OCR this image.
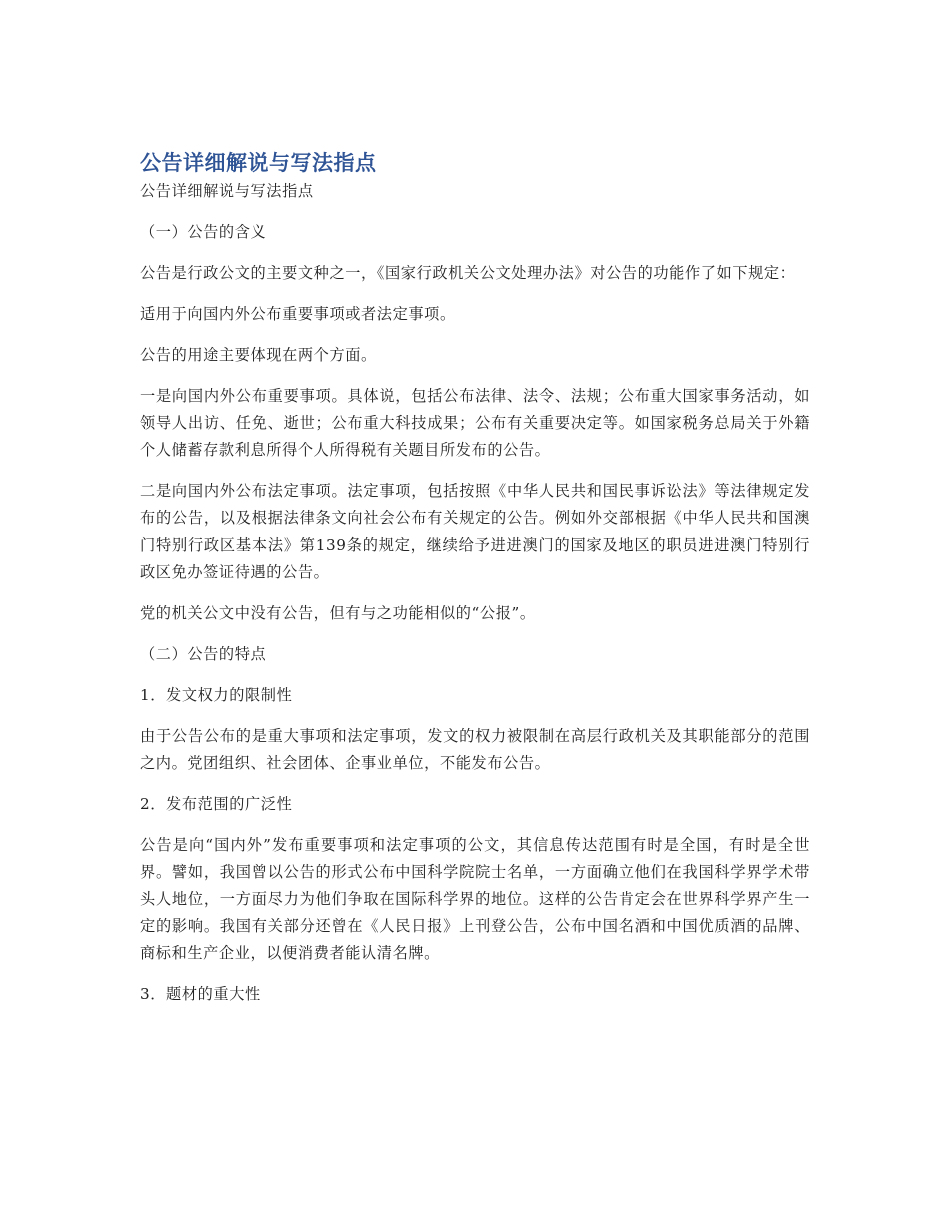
公告详细解说与写法指点

公告详细解说与写法指点

（一）公告的含义

公告是行政公文的主要文种之一，《国家行政机关公文处理办法》对公告的功能作了如下规定：

适用于向国内外公布重要事项或者法定事项。

公告的用途主要体现在两个方面。

一是向国内外公布重要事项。具体说，包括公布法律、法令、法规；公布重大国家事务活动，如领导人出访、任免、逝世；公布重大科技成果；公布有关重要决定等。如国家税务总局关于外籍个人储蓄存款利息所得个人所得税有关题目所发布的公告。

二是向国内外公布法定事项。法定事项，包括按照《中华人民共和国民事诉讼法》等法律规定发布的公告，以及根据法律条文向社会公布有关规定的公告。例如外交部根据《中华人民共和国澳门特别行政区基本法》第139条的规定，继续给予进进澳门的国家及地区的职员进进澳门特别行政区免办签证待遇的公告。

党的机关公文中没有公告，但有与之功能相似的“公报”。

（二）公告的特点

1．发文权力的限制性

由于公告公布的是重大事项和法定事项，发文的权力被限制在高层行政机关及其职能部分的范围之内。党团组织、社会团体、企事业单位，不能发布公告。

2．发布范围的广泛性

公告是向“国内外”发布重要事项和法定事项的公文，其信息传达范围有时是全国，有时是全世界。譬如，我国曾以公告的形式公布中国科学院院士名单，一方面确立他们在我国科学界学术带头人地位，一方面尽力为他们争取在国际科学界的地位。这样的公告肯定会在世界科学界产生一定的影响。我国有关部分还曾在《人民日报》上刊登公告，公布中国名酒和中国优质酒的品牌、商标和生产企业，以便消费者能认清名牌。

3．题材的重大性
